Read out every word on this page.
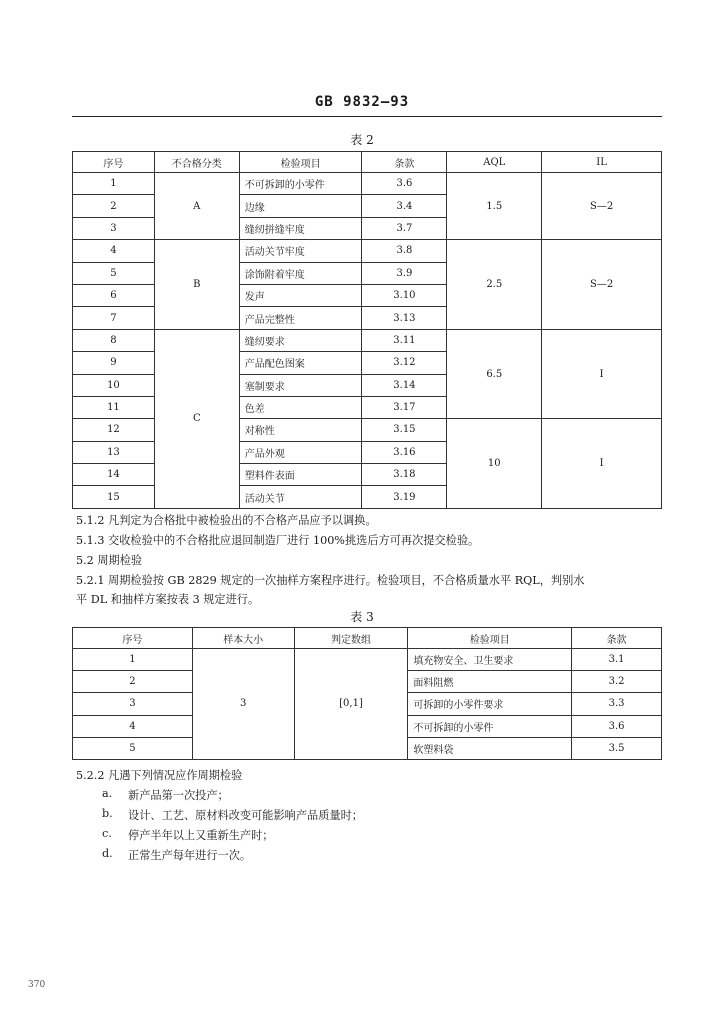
GB 9832—93
表 2
序号	不合格分类	检验项目	条款	AQL	IL
1	A	不可拆卸的小零件	3.6	1.5	S—2
2		边缘	3.4		
3		缝纫拼缝牢度	3.7		
4	B	活动关节牢度	3.8	2.5	S—2
5		涂饰附着牢度	3.9		
6		发声	3.10		
7		产品完整性	3.13		
8	C	缝纫要求	3.11	6.5	I
9		产品配色图案	3.12		
10		塞制要求	3.14		
11		色差	3.17		
12		对称性	3.15	10	I
13		产品外观	3.16		
14		塑料件表面	3.18		
15		活动关节	3.19		
5.1.2 凡判定为合格批中被检验出的不合格产品应予以调换。
5.1.3 交收检验中的不合格批应退回制造厂进行 100%挑选后方可再次提交检验。
5.2 周期检验
5.2.1 周期检验按 GB 2829 规定的一次抽样方案程序进行。检验项目，不合格质量水平 RQL，判别水
平 DL 和抽样方案按表 3 规定进行。
表 3
序号	样本大小	判定数组	检验项目	条款
1	3	[0,1]	填充物安全、卫生要求	3.1
2			面料阻燃	3.2
3			可拆卸的小零件要求	3.3
4			不可拆卸的小零件	3.6
5			软塑料袋	3.5
5.2.2 凡遇下列情况应作周期检验
a. 新产品第一次投产；
b. 设计、工艺、原材料改变可能影响产品质量时；
c. 停产半年以上又重新生产时；
d. 正常生产每年进行一次。
370
